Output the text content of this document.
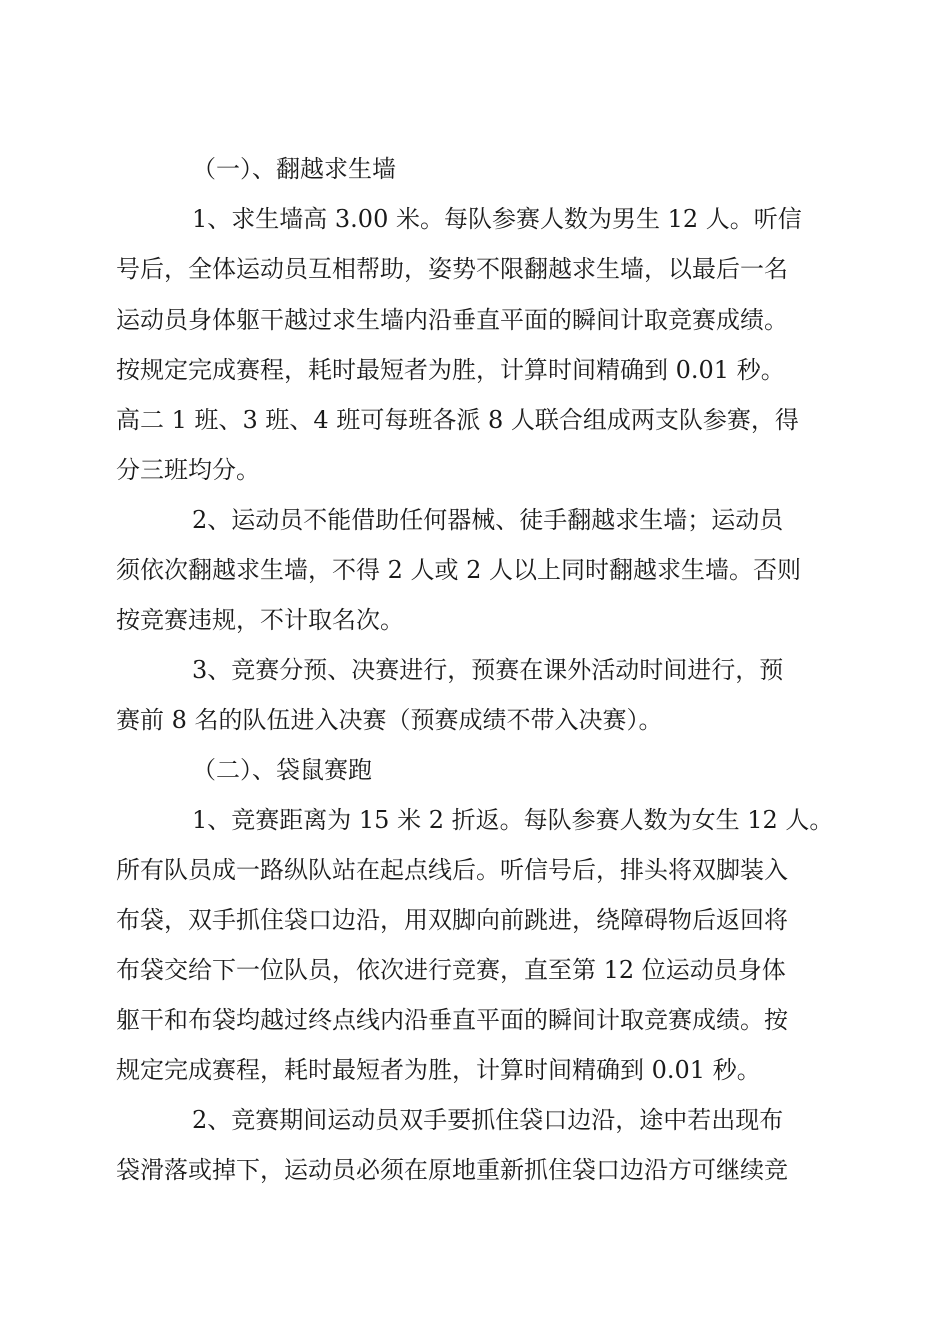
（一）、翻越求生墙
1、求生墙高 3.00 米。每队参赛人数为男生 12 人。听信
号后，全体运动员互相帮助，姿势不限翻越求生墙，以最后一名
运动员身体躯干越过求生墙内沿垂直平面的瞬间计取竞赛成绩。
按规定完成赛程，耗时最短者为胜，计算时间精确到 0.01 秒。
高二 1 班、3 班、4 班可每班各派 8 人联合组成两支队参赛，得
分三班均分。
2、运动员不能借助任何器械、徒手翻越求生墙；运动员
须依次翻越求生墙，不得 2 人或 2 人以上同时翻越求生墙。否则
按竞赛违规，不计取名次。
3、竞赛分预、决赛进行，预赛在课外活动时间进行，预
赛前 8 名的队伍进入决赛（预赛成绩不带入决赛）。
（二）、袋鼠赛跑
1、竞赛距离为 15 米 2 折返。每队参赛人数为女生 12 人。
所有队员成一路纵队站在起点线后。听信号后，排头将双脚装入
布袋，双手抓住袋口边沿，用双脚向前跳进，绕障碍物后返回将
布袋交给下一位队员，依次进行竞赛，直至第 12 位运动员身体
躯干和布袋均越过终点线内沿垂直平面的瞬间计取竞赛成绩。按
规定完成赛程，耗时最短者为胜，计算时间精确到 0.01 秒。
2、竞赛期间运动员双手要抓住袋口边沿，途中若出现布
袋滑落或掉下，运动员必须在原地重新抓住袋口边沿方可继续竞
